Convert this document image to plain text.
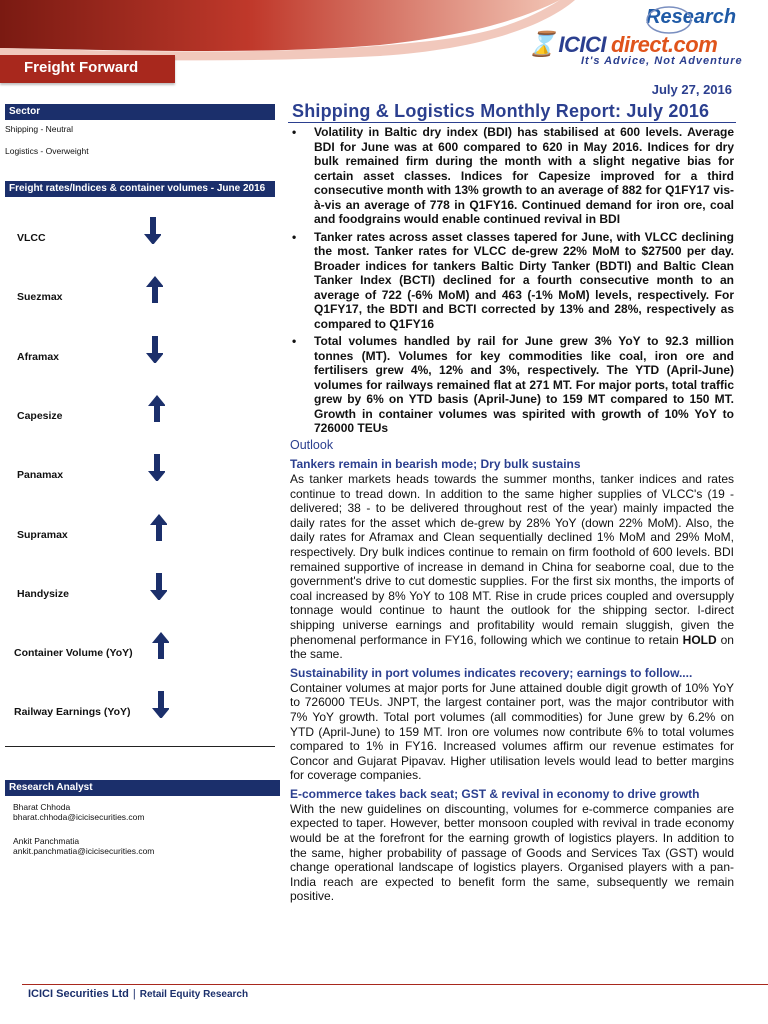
Freight Forward
Research
⌛ICICI direct.com
It's Advice, Not Adventure
July 27, 2016
Sector
Shipping - Neutral
Logistics - Overweight
Freight rates/Indices & container volumes - June 2016
VLCC
Suezmax
Aframax
Capesize
Panamax
Supramax
Handysize
Container Volume (YoY)
Railway Earnings (YoY)
Research Analyst
Bharat Chhoda
bharat.chhoda@icicisecurities.com
Ankit Panchmatia
ankit.panchmatia@icicisecurities.com
Shipping & Logistics Monthly Report: July 2016
• Volatility in Baltic dry index (BDI) has stabilised at 600 levels. Average BDI for June was at 600 compared to 620 in May 2016. Indices for dry bulk remained firm during the month with a slight negative bias for certain asset classes. Indices for Capesize improved for a third consecutive month with 13% growth to an average of 882 for Q1FY17 vis-à-vis an average of 778 in Q1FY16. Continued demand for iron ore, coal and foodgrains would enable continued revival in BDI
• Tanker rates across asset classes tapered for June, with VLCC declining the most. Tanker rates for VLCC de-grew 22% MoM to $27500 per day. Broader indices for tankers Baltic Dirty Tanker (BDTI) and Baltic Clean Tanker Index (BCTI) declined for a fourth consecutive month to an average of 722 (-6% MoM) and 463 (-1% MoM) levels, respectively. For Q1FY17, the BDTI and BCTI corrected by 13% and 28%, respectively as compared to Q1FY16
• Total volumes handled by rail for June grew 3% YoY to 92.3 million tonnes (MT). Volumes for key commodities like coal, iron ore and fertilisers grew 4%, 12% and 3%, respectively. The YTD (April-June) volumes for railways remained flat at 271 MT. For major ports, total traffic grew by 6% on YTD basis (April-June) to 159 MT compared to 150 MT. Growth in container volumes was spirited with growth of 10% YoY to 726000 TEUs
Outlook
Tankers remain in bearish mode; Dry bulk sustains
As tanker markets heads towards the summer months, tanker indices and rates continue to tread down. In addition to the same higher supplies of VLCC's (19 - delivered; 38 - to be delivered throughout rest of the year) mainly impacted the daily rates for the asset which de-grew by 28% YoY (down 22% MoM). Also, the daily rates for Aframax and Clean sequentially declined 1% MoM and 29% MoM, respectively. Dry bulk indices continue to remain on firm foothold of 600 levels. BDI remained supportive of increase in demand in China for seaborne coal, due to the government's drive to cut domestic supplies. For the first six months, the imports of coal increased by 8% YoY to 108 MT. Rise in crude prices coupled and oversupply tonnage would continue to haunt the outlook for the shipping sector. I-direct shipping universe earnings and profitability would remain sluggish, given the phenomenal performance in FY16, following which we continue to retain HOLD on the same.
Sustainability in port volumes indicates recovery; earnings to follow....
Container volumes at major ports for June attained double digit growth of 10% YoY to 726000 TEUs. JNPT, the largest container port, was the major contributor with 7% YoY growth. Total port volumes (all commodities) for June grew by 6.2% on YTD (April-June) to 159 MT. Iron ore volumes now contribute 6% to total volumes compared to 1% in FY16. Increased volumes affirm our revenue estimates for Concor and Gujarat Pipavav. Higher utilisation levels would lead to better margins for coverage companies.
E-commerce takes back seat; GST & revival in economy to drive growth
With the new guidelines on discounting, volumes for e-commerce companies are expected to taper. However, better monsoon coupled with revival in trade economy would be at the forefront for the earning growth of logistics players. In addition to the same, higher probability of passage of Goods and Services Tax (GST) would change operational landscape of logistics players. Organised players with a pan-India reach are expected to benefit form the same, subsequently we remain positive.
ICICI Securities Ltd | Retail Equity Research
